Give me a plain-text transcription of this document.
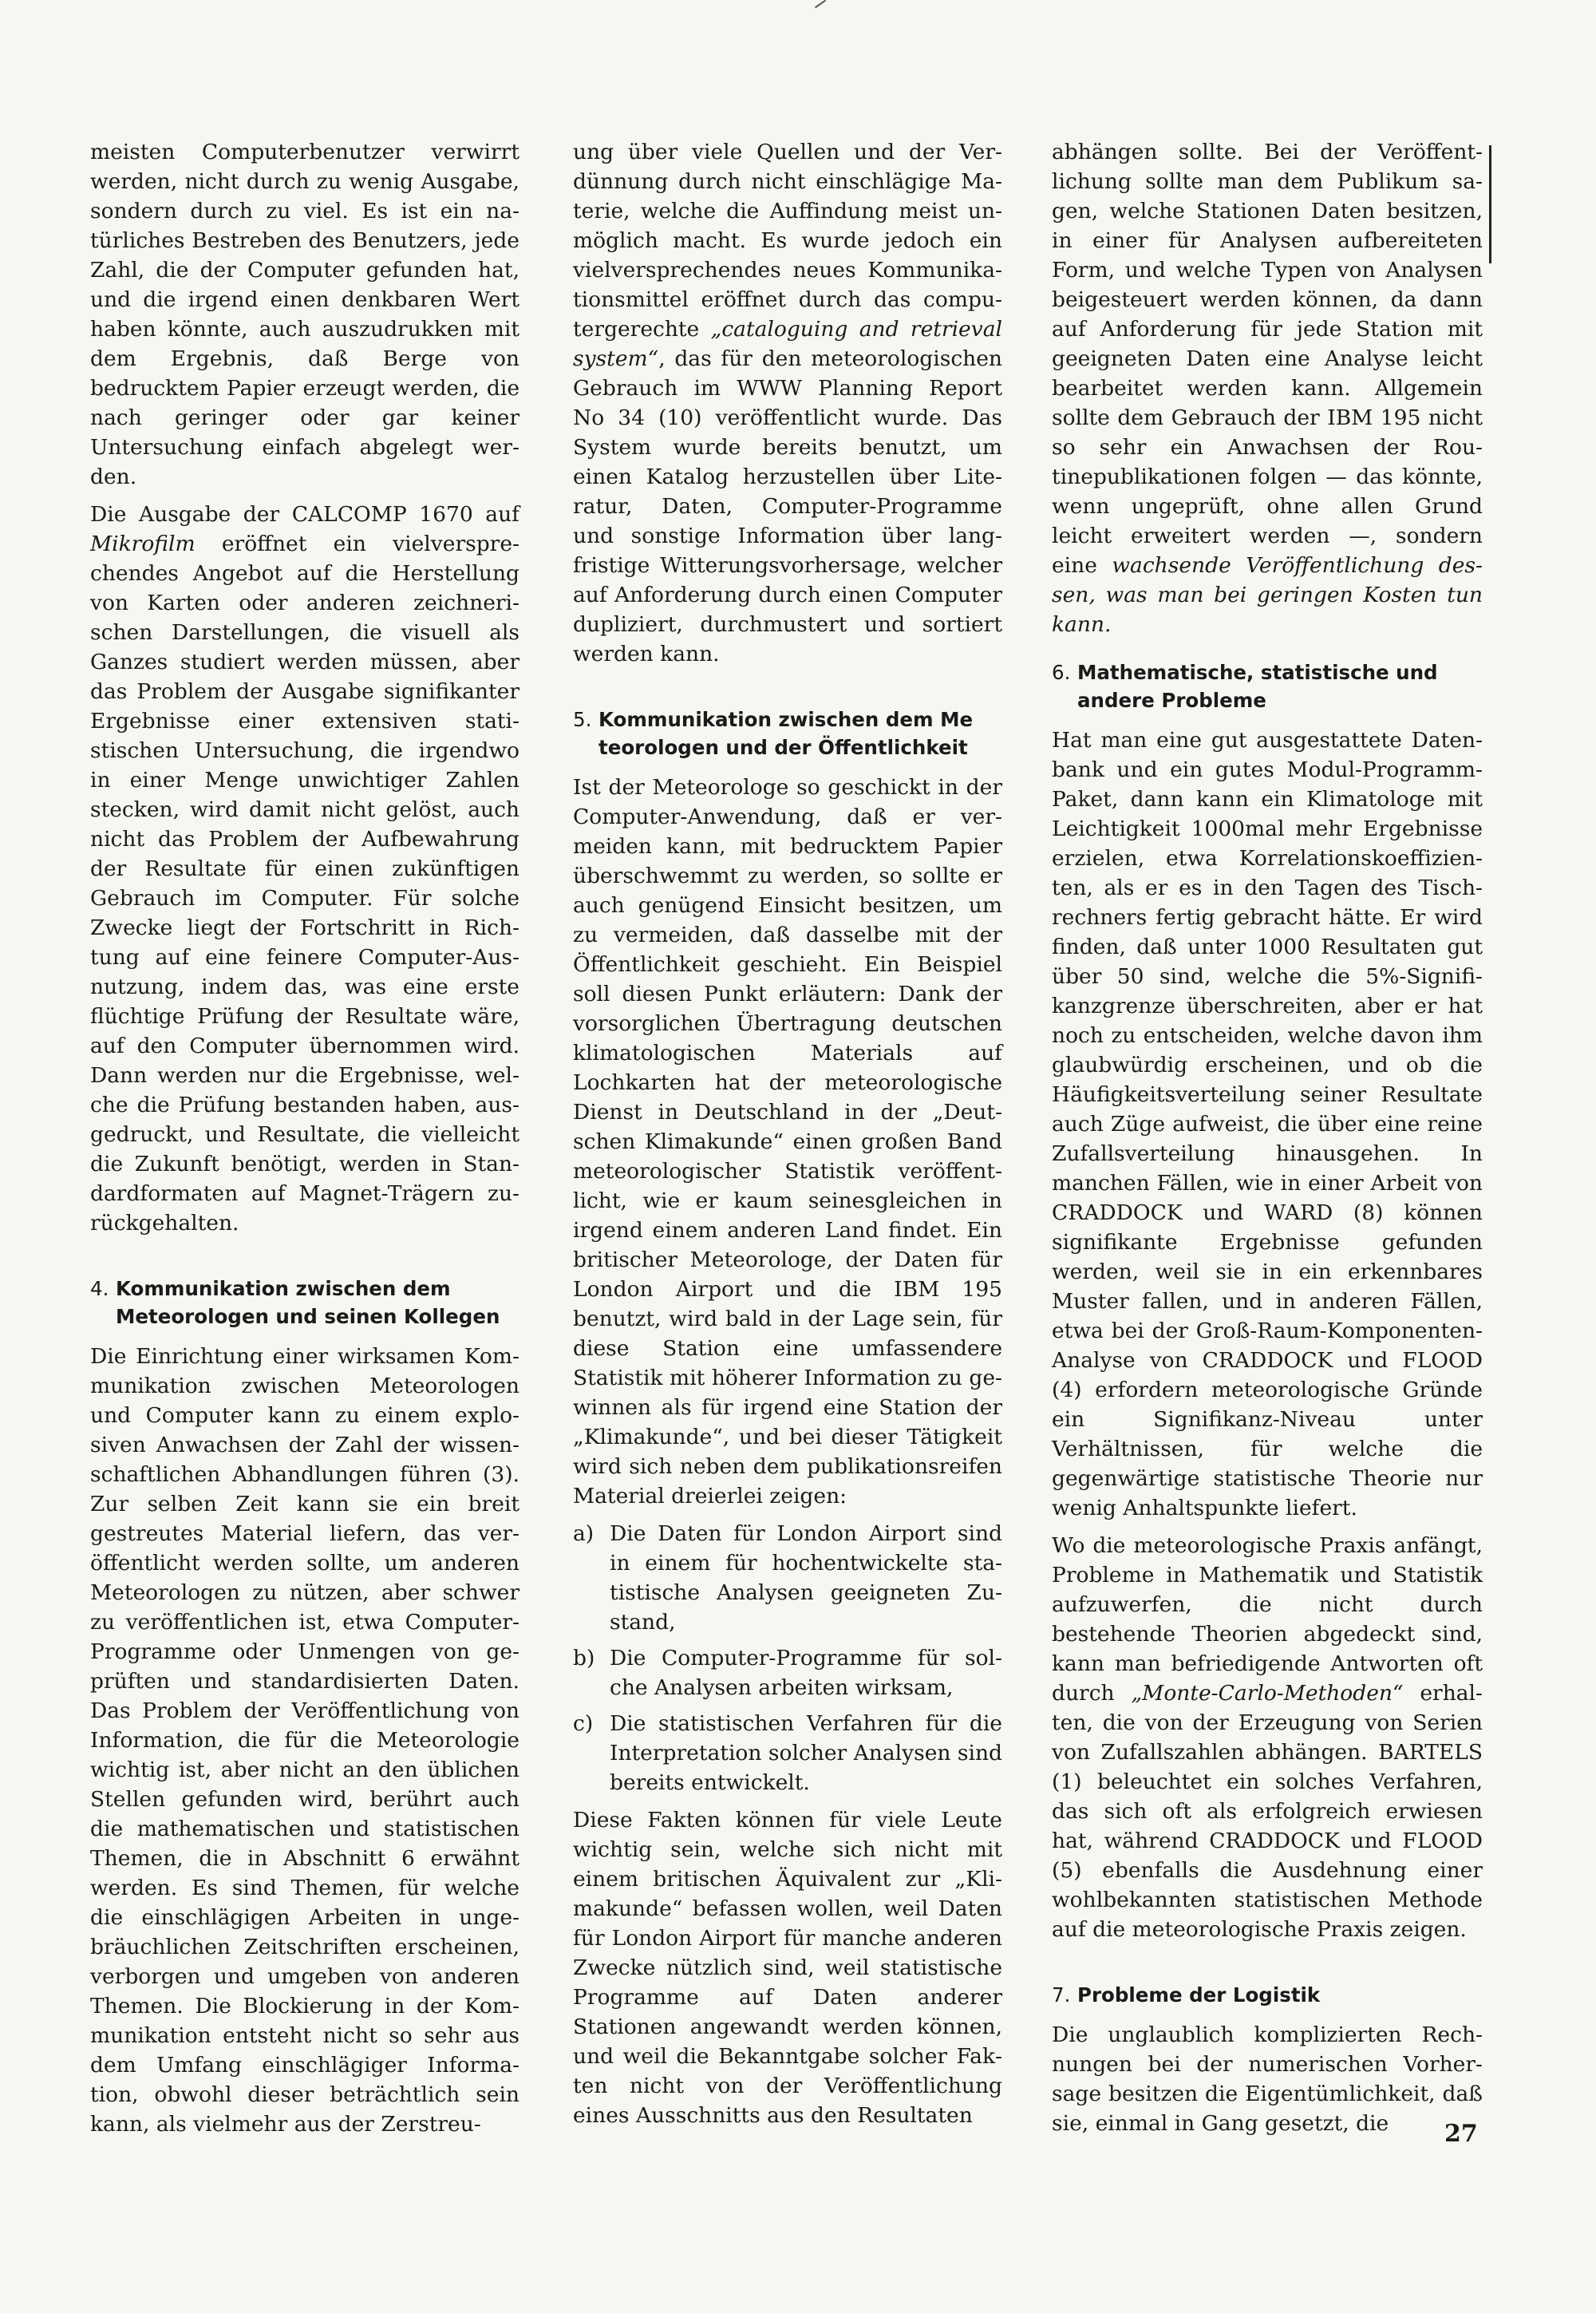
meisten Computerbenutzer verwirrt werden, nicht durch zu wenig Ausgabe, sondern durch zu viel. Es ist ein natürliches Bestreben des Benutzers, jede Zahl, die der Computer gefunden hat, und die irgend einen denkbaren Wert haben könnte, auch auszudrukken mit dem Ergebnis, daß Berge von bedrucktem Papier erzeugt werden, die nach geringer oder gar keiner Untersuchung einfach abgelegt werden.

Die Ausgabe der CALCOMP 1670 auf Mikrofilm eröffnet ein vielversprechendes Angebot auf die Herstellung von Karten oder anderen zeichnerischen Darstellungen, die visuell als Ganzes studiert werden müssen, aber das Problem der Ausgabe signifikanter Ergebnisse einer extensiven statistischen Untersuchung, die irgendwo in einer Menge unwichtiger Zahlen stecken, wird damit nicht gelöst, auch nicht das Problem der Aufbewahrung der Resultate für einen zukünftigen Gebrauch im Computer. Für solche Zwecke liegt der Fortschritt in Richtung auf eine feinere Computer-Ausnutzung, indem das, was eine erste flüchtige Prüfung der Resultate wäre, auf den Computer übernommen wird. Dann werden nur die Ergebnisse, welche die Prüfung bestanden haben, ausgedruckt, und Resultate, die vielleicht die Zukunft benötigt, werden in Standardformaten auf Magnet-Trägern zurückgehalten.

4. Kommunikation zwischen dem
Meteorologen und seinen Kollegen

Die Einrichtung einer wirksamen Kommunikation zwischen Meteorologen und Computer kann zu einem explosiven Anwachsen der Zahl der wissenschaftlichen Abhandlungen führen (3). Zur selben Zeit kann sie ein breit gestreutes Material liefern, das veröffentlicht werden sollte, um anderen Meteorologen zu nützen, aber schwer zu veröffentlichen ist, etwa Computer-Programme oder Unmengen von geprüften und standardisierten Daten. Das Problem der Veröffentlichung von Information, die für die Meteorologie wichtig ist, aber nicht an den üblichen Stellen gefunden wird, berührt auch die mathematischen und statistischen Themen, die in Abschnitt 6 erwähnt werden. Es sind Themen, für welche die einschlägigen Arbeiten in ungebräuchlichen Zeitschriften erscheinen, verborgen und umgeben von anderen Themen. Die Blockierung in der Kommunikation entsteht nicht so sehr aus dem Umfang einschlägiger Information, obwohl dieser beträchtlich sein kann, als vielmehr aus der Zerstreu-

ung über viele Quellen und der Verdünnung durch nicht einschlägige Materie, welche die Auffindung meist unmöglich macht. Es wurde jedoch ein vielversprechendes neues Kommunikationsmittel eröffnet durch das computergerechte „cataloguing and retrieval system“, das für den meteorologischen Gebrauch im WWW Planning Report No 34 (10) veröffentlicht wurde. Das System wurde bereits benutzt, um einen Katalog herzustellen über Literatur, Daten, Computer-Programme und sonstige Information über langfristige Witterungsvorhersage, welcher auf Anforderung durch einen Computer dupliziert, durchmustert und sortiert werden kann.

5. Kommunikation zwischen dem Me
teorologen und der Öffentlichkeit

Ist der Meteorologe so geschickt in der Computer-Anwendung, daß er vermeiden kann, mit bedrucktem Papier überschwemmt zu werden, so sollte er auch genügend Einsicht besitzen, um zu vermeiden, daß dasselbe mit der Öffentlichkeit geschieht. Ein Beispiel soll diesen Punkt erläutern: Dank der vorsorglichen Übertragung deutschen klimatologischen Materials auf Lochkarten hat der meteorologische Dienst in Deutschland in der „Deutschen Klimakunde“ einen großen Band meteorologischer Statistik veröffentlicht, wie er kaum seinesgleichen in irgend einem anderen Land findet. Ein britischer Meteorologe, der Daten für London Airport und die IBM 195 benutzt, wird bald in der Lage sein, für diese Station eine umfassendere Statistik mit höherer Information zu gewinnen als für irgend eine Station der „Klimakunde“, und bei dieser Tätigkeit wird sich neben dem publikationsreifen Material dreierlei zeigen:

a) Die Daten für London Airport sind in einem für hochentwickelte statistische Analysen geeigneten Zustand,
b) Die Computer-Programme für solche Analysen arbeiten wirksam,
c) Die statistischen Verfahren für die Interpretation solcher Analysen sind bereits entwickelt.

Diese Fakten können für viele Leute wichtig sein, welche sich nicht mit einem britischen Äquivalent zur „Klimakunde“ befassen wollen, weil Daten für London Airport für manche anderen Zwecke nützlich sind, weil statistische Programme auf Daten anderer Stationen angewandt werden können, und weil die Bekanntgabe solcher Fakten nicht von der Veröffentlichung eines Ausschnitts aus den Resultaten

abhängen sollte. Bei der Veröffentlichung sollte man dem Publikum sagen, welche Stationen Daten besitzen, in einer für Analysen aufbereiteten Form, und welche Typen von Analysen beigesteuert werden können, da dann auf Anforderung für jede Station mit geeigneten Daten eine Analyse leicht bearbeitet werden kann. Allgemein sollte dem Gebrauch der IBM 195 nicht so sehr ein Anwachsen der Routinepublikationen folgen — das könnte, wenn ungeprüft, ohne allen Grund leicht erweitert werden —, sondern eine wachsende Veröffentlichung dessen, was man bei geringen Kosten tun kann.

6. Mathematische, statistische und
andere Probleme

Hat man eine gut ausgestattete Datenbank und ein gutes Modul-Programm-Paket, dann kann ein Klimatologe mit Leichtigkeit 1000mal mehr Ergebnisse erzielen, etwa Korrelationskoeffizienten, als er es in den Tagen des Tischrechners fertig gebracht hätte. Er wird finden, daß unter 1000 Resultaten gut über 50 sind, welche die 5%-Signifikanzgrenze überschreiten, aber er hat noch zu entscheiden, welche davon ihm glaubwürdig erscheinen, und ob die Häufigkeitsverteilung seiner Resultate auch Züge aufweist, die über eine reine Zufallsverteilung hinausgehen. In manchen Fällen, wie in einer Arbeit von CRADDOCK und WARD (8) können signifikante Ergebnisse gefunden werden, weil sie in ein erkennbares Muster fallen, und in anderen Fällen, etwa bei der Groß-Raum-Komponenten-Analyse von CRADDOCK und FLOOD (4) erfordern meteorologische Gründe ein Signifikanz-Niveau unter Verhältnissen, für welche die gegenwärtige statistische Theorie nur wenig Anhaltspunkte liefert.

Wo die meteorologische Praxis anfängt, Probleme in Mathematik und Statistik aufzuwerfen, die nicht durch bestehende Theorien abgedeckt sind, kann man befriedigende Antworten oft durch „Monte-Carlo-Methoden“ erhalten, die von der Erzeugung von Serien von Zufallszahlen abhängen. BARTELS (1) beleuchtet ein solches Verfahren, das sich oft als erfolgreich erwiesen hat, während CRADDOCK und FLOOD (5) ebenfalls die Ausdehnung einer wohlbekannten statistischen Methode auf die meteorologische Praxis zeigen.

7. Probleme der Logistik

Die unglaublich komplizierten Rechnungen bei der numerischen Vorhersage besitzen die Eigentümlichkeit, daß sie, einmal in Gang gesetzt, die	27
